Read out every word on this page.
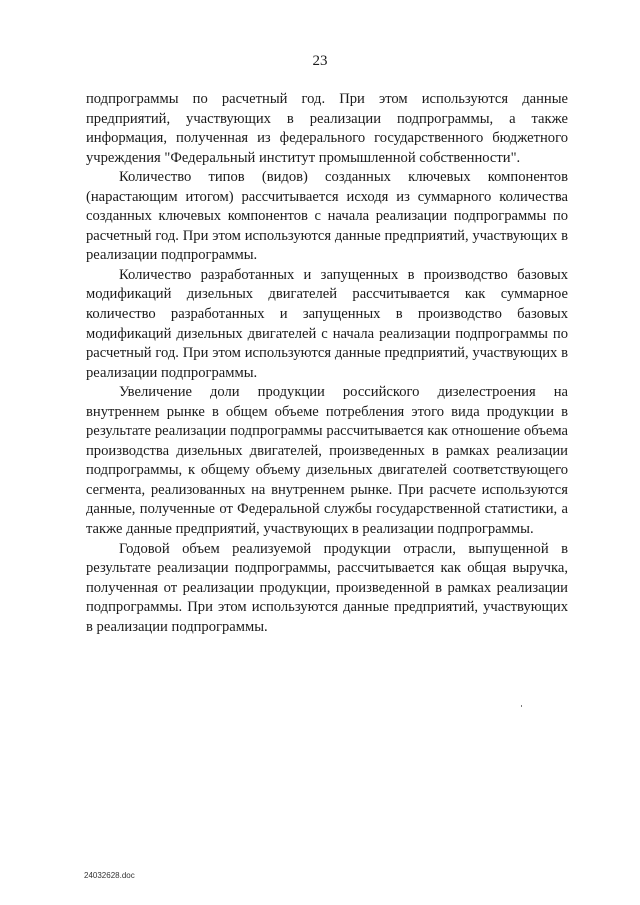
23

подпрограммы по расчетный год. При этом используются данные предприятий, участвующих в реализации подпрограммы, а также информация, полученная из федерального государственного бюджетного учреждения "Федеральный институт промышленной собственности".

Количество типов (видов) созданных ключевых компонентов (нарастающим итогом) рассчитывается исходя из суммарного количества созданных ключевых компонентов с начала реализации подпрограммы по расчетный год. При этом используются данные предприятий, участвующих в реализации подпрограммы.

Количество разработанных и запущенных в производство базовых модификаций дизельных двигателей рассчитывается как суммарное количество разработанных и запущенных в производство базовых модификаций дизельных двигателей с начала реализации подпрограммы по расчетный год. При этом используются данные предприятий, участвующих в реализации подпрограммы.

Увеличение доли продукции российского дизелестроения на внутреннем рынке в общем объеме потребления этого вида продукции в результате реализации подпрограммы рассчитывается как отношение объема производства дизельных двигателей, произведенных в рамках реализации подпрограммы, к общему объему дизельных двигателей соответствующего сегмента, реализованных на внутреннем рынке. При расчете используются данные, полученные от Федеральной службы государственной статистики, а также данные предприятий, участвующих в реализации подпрограммы.

Годовой объем реализуемой продукции отрасли, выпущенной в результате реализации подпрограммы, рассчитывается как общая выручка, полученная от реализации продукции, произведенной в рамках реализации подпрограммы. При этом используются данные предприятий, участвующих в реализации подпрограммы.

24032628.doc
